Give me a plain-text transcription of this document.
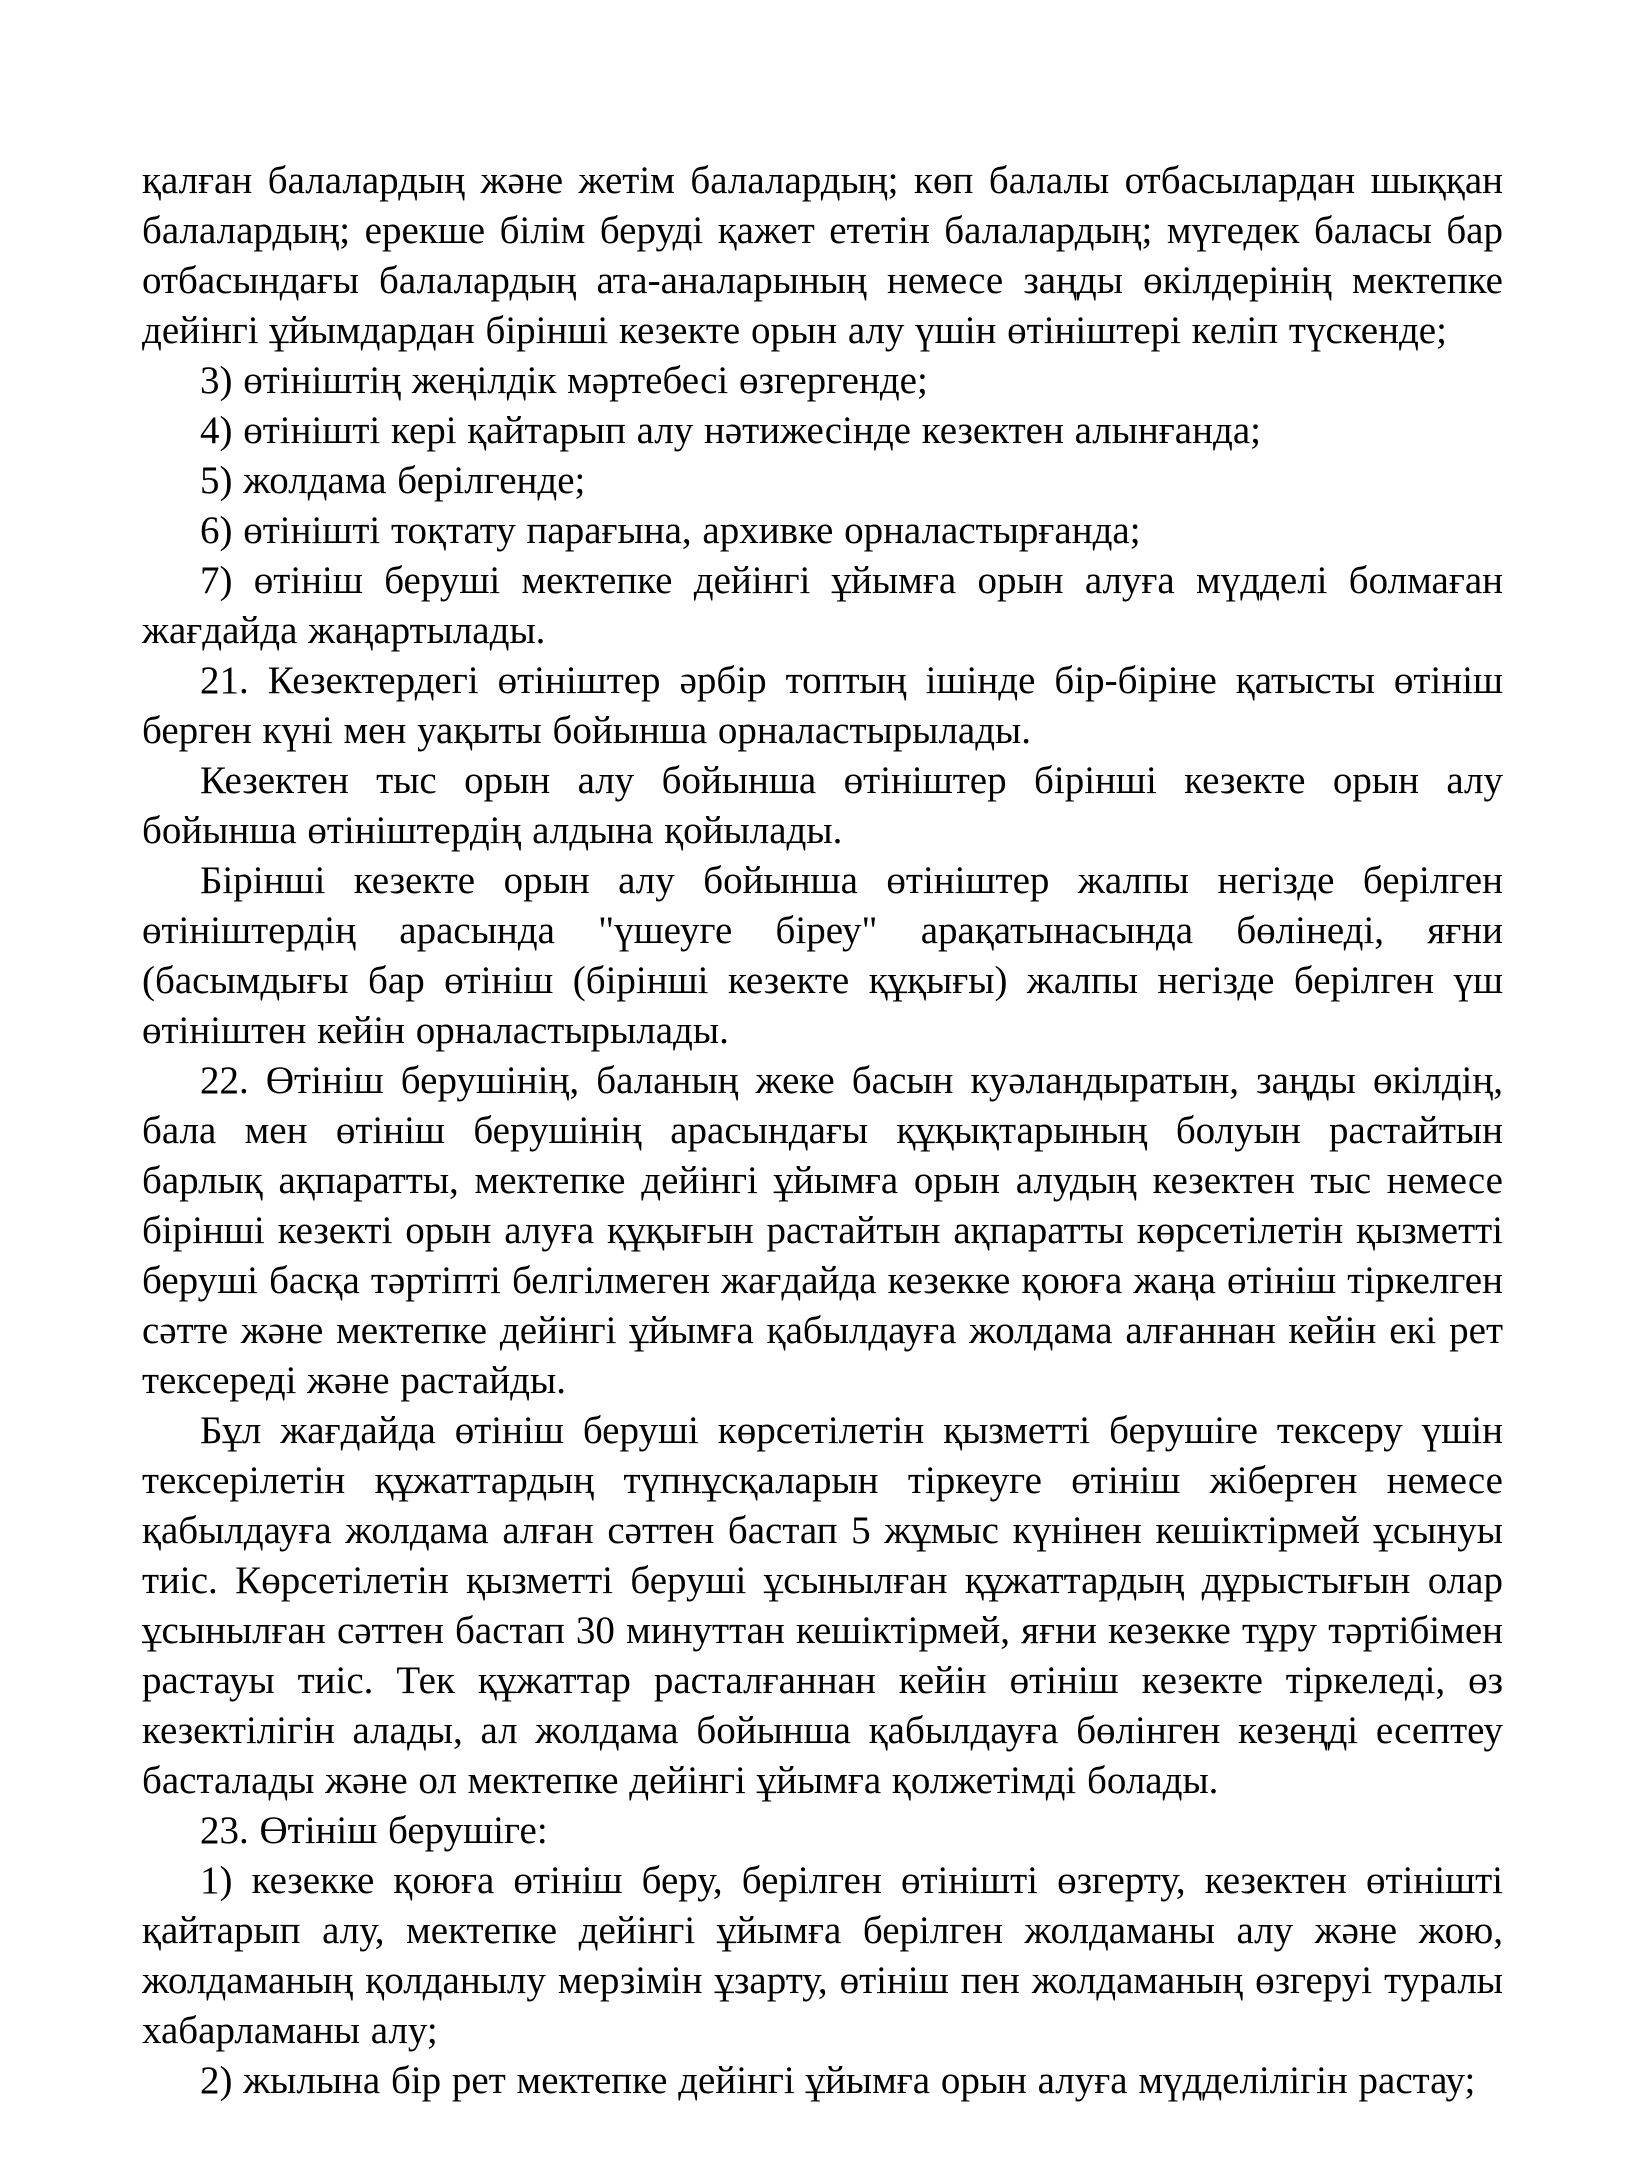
қалған балалардың және жетім балалардың; көп балалы отбасылардан шыққан балалардың; ерекше білім беруді қажет ететін балалардың; мүгедек баласы бар отбасындағы балалардың ата-аналарының немесе заңды өкілдерінің мектепке дейінгі ұйымдардан бірінші кезекте орын алу үшін өтініштері келіп түскенде;

3) өтініштің жеңілдік мәртебесі өзгергенде;

4) өтінішті кері қайтарып алу нәтижесінде кезектен алынғанда;

5) жолдама берілгенде;

6) өтінішті тоқтату парағына, архивке орналастырғанда;

7) өтініш беруші мектепке дейінгі ұйымға орын алуға мүдделі болмаған жағдайда жаңартылады.

21. Кезектердегі өтініштер әрбір топтың ішінде бір-біріне қатысты өтініш берген күні мен уақыты бойынша орналастырылады.

Кезектен тыс орын алу бойынша өтініштер бірінші кезекте орын алу бойынша өтініштердің алдына қойылады.

Бірінші кезекте орын алу бойынша өтініштер жалпы негізде берілген өтініштердің арасында "үшеуге біреу" арақатынасында бөлінеді, яғни (басымдығы бар өтініш (бірінші кезекте құқығы) жалпы негізде берілген үш өтініштен кейін орналастырылады.

22. Өтініш берушінің, баланың жеке басын куәландыратын, заңды өкілдің, бала мен өтініш берушінің арасындағы құқықтарының болуын растайтын барлық ақпаратты, мектепке дейінгі ұйымға орын алудың кезектен тыс немесе бірінші кезекті орын алуға құқығын растайтын ақпаратты көрсетілетін қызметті беруші басқа тәртіпті белгілмеген жағдайда кезекке қоюға жаңа өтініш тіркелген сәтте және мектепке дейінгі ұйымға қабылдауға жолдама алғаннан кейін екі рет тексереді және растайды.

Бұл жағдайда өтініш беруші көрсетілетін қызметті берушіге тексеру үшін тексерілетін құжаттардың түпнұсқаларын тіркеуге өтініш жіберген немесе қабылдауға жолдама алған сәттен бастап 5 жұмыс күнінен кешіктірмей ұсынуы тиіс. Көрсетілетін қызметті беруші ұсынылған құжаттардың дұрыстығын олар ұсынылған сәттен бастап 30 минуттан кешіктірмей, яғни кезекке тұру тәртібімен растауы тиіс. Тек құжаттар расталғаннан кейін өтініш кезекте тіркеледі, өз кезектілігін алады, ал жолдама бойынша қабылдауға бөлінген кезеңді есептеу басталады және ол мектепке дейінгі ұйымға қолжетімді болады.

23. Өтініш берушіге:

1) кезекке қоюға өтініш беру, берілген өтінішті өзгерту, кезектен өтінішті қайтарып алу, мектепке дейінгі ұйымға берілген жолдаманы алу және жою, жолдаманың қолданылу мерзімін ұзарту, өтініш пен жолдаманың өзгеруі туралы хабарламаны алу;

2) жылына бір рет мектепке дейінгі ұйымға орын алуға мүдделілігін растау;
